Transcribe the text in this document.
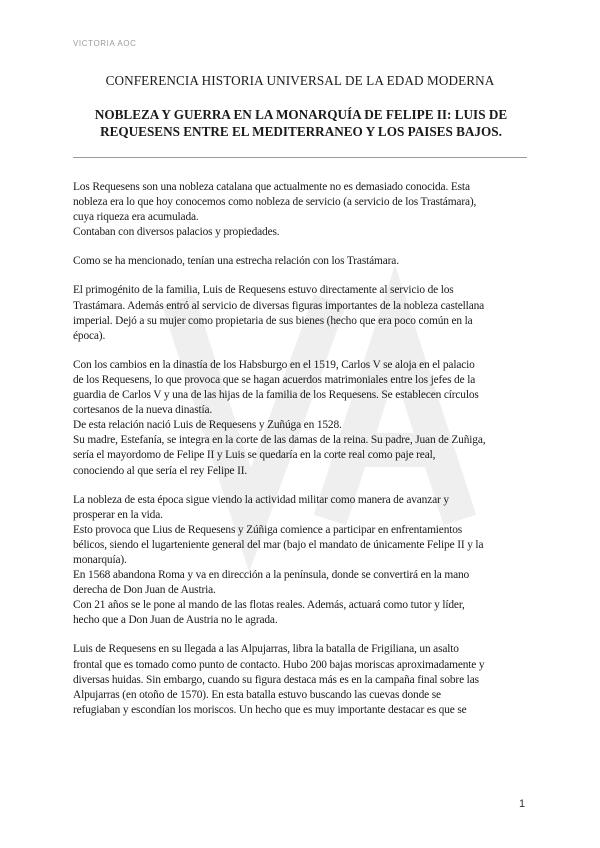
VICTORIA AOC
CONFERENCIA HISTORIA UNIVERSAL DE LA EDAD MODERNA
NOBLEZA Y GUERRA EN LA MONARQUÍA DE FELIPE II: LUIS DE
REQUESENS ENTRE EL MEDITERRANEO Y LOS PAISES BAJOS.

Los Requesens son una nobleza catalana que actualmente no es demasiado conocida. Esta
nobleza era lo que hoy conocemos como nobleza de servicio (a servicio de los Trastámara),
cuya riqueza era acumulada.
Contaban con diversos palacios y propiedades.

Como se ha mencionado, tenían una estrecha relación con los Trastámara.

El primogénito de la familia, Luis de Requesens estuvo directamente al servicio de los
Trastámara. Además entró al servicio de diversas figuras importantes de la nobleza castellana
imperial. Dejó a su mujer como propietaria de sus bienes (hecho que era poco común en la
época).

Con los cambios en la dinastía de los Habsburgo en el 1519, Carlos V se aloja en el palacio
de los Requesens, lo que provoca que se hagan acuerdos matrimoniales entre los jefes de la
guardia de Carlos V y una de las hijas de la familia de los Requesens. Se establecen círculos
cortesanos de la nueva dinastía.
De esta relación nació Luis de Requesens y Zuñúga en 1528.
Su madre, Estefanía, se integra en la corte de las damas de la reina. Su padre, Juan de Zuñiga,
sería el mayordomo de Felipe II y Luis se quedaría en la corte real como paje real,
conociendo al que sería el rey Felipe II.

La nobleza de esta época sigue viendo la actividad militar como manera de avanzar y
prosperar en la vida.
Esto provoca que Lius de Requesens y Zúñiga comience a participar en enfrentamientos
bélicos, siendo el lugarteniente general del mar (bajo el mandato de únicamente Felipe II y la
monarquía).
En 1568 abandona Roma y va en dirección a la península, donde se convertirá en la mano
derecha de Don Juan de Austria.
Con 21 años se le pone al mando de las flotas reales. Además, actuará como tutor y líder,
hecho que a Don Juan de Austria no le agrada.

Luis de Requesens en su llegada a las Alpujarras, libra la batalla de Frigiliana, un asalto
frontal que es tomado como punto de contacto. Hubo 200 bajas moriscas aproximadamente y
diversas huidas. Sin embargo, cuando su figura destaca más es en la campaña final sobre las
Alpujarras (en otoño de 1570). En esta batalla estuvo buscando las cuevas donde se
refugiaban y escondían los moriscos. Un hecho que es muy importante destacar es que se

1
